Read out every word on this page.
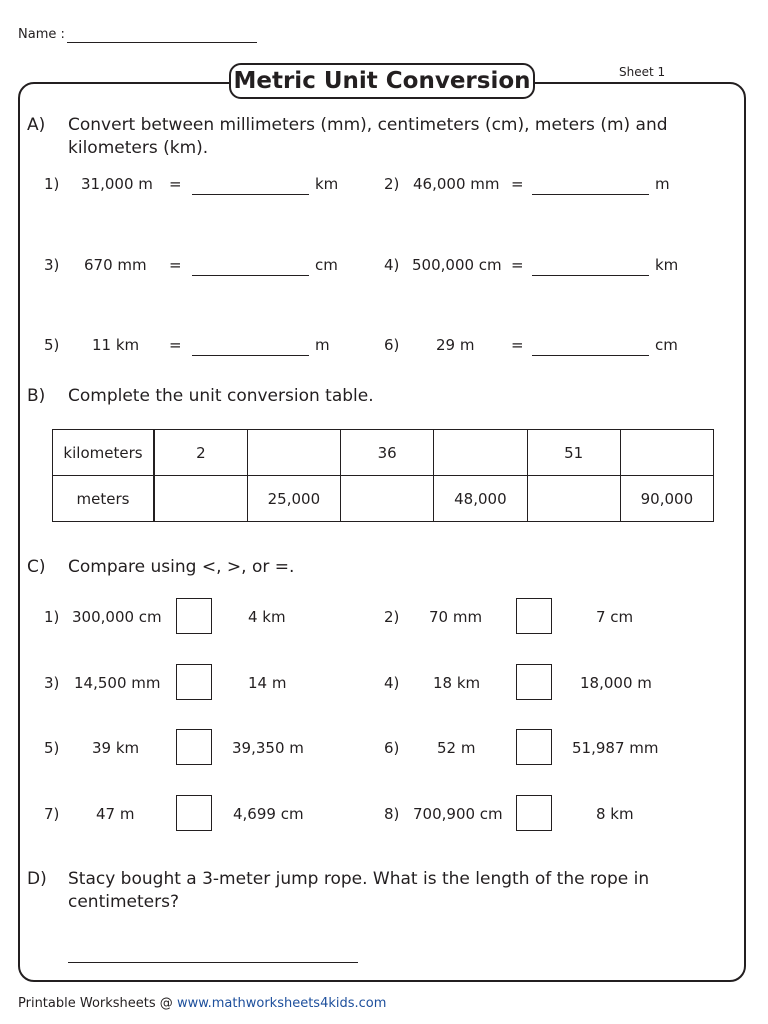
Name :
Sheet 1
Metric Unit Conversion
A) Convert between millimeters (mm), centimeters (cm), meters (m) and
kilometers (km).
1) 31,000 m =	km	2) 46,000 mm =	m
3) 670 mm =	cm	4) 500,000 cm =	km
5) 11 km =	m	6) 29 m =	cm
B) Complete the unit conversion table.
kilometers	2		36		51	
meters		25,000		48,000		90,000
C) Compare using <, >, or =.
1) 300,000 cm	4 km	2) 70 mm	7 cm
3) 14,500 mm	14 m	4) 18 km	18,000 m
5) 39 km	39,350 m	6)	52 m	51,987 mm
7) 47 m	4,699 cm	8) 700,900 cm	8 km
D) Stacy bought a 3-meter jump rope. What is the length of the rope in
centimeters?
Printable Worksheets @ www.mathworksheets4kids.com
